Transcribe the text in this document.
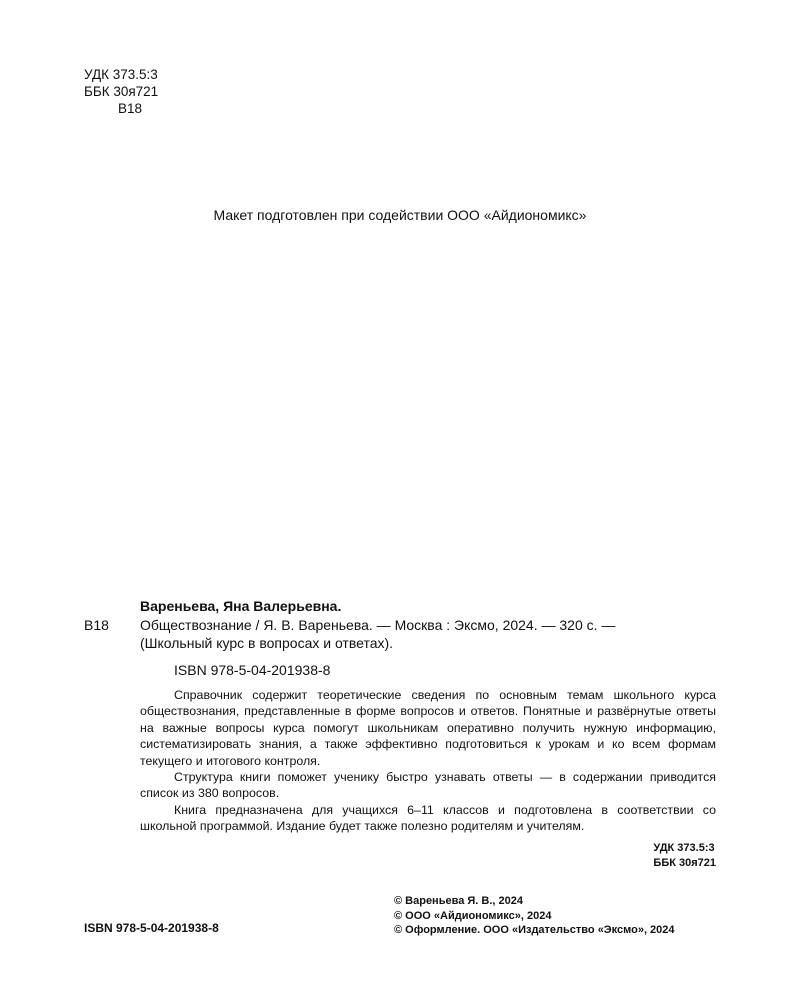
УДК 373.5:3
ББК 30я721
В18
Макет подготовлен при содействии ООО «Айдиономикс»
Вареньева, Яна Валерьевна.
В18 Обществознание / Я. В. Вареньева. — Москва : Эксмо, 2024. — 320 с. —
(Школьный курс в вопросах и ответах).
ISBN 978-5-04-201938-8

Справочник содержит теоретические сведения по основным темам школьного курса обществознания, представленные в форме вопросов и ответов. Понятные и развёрнутые ответы на важные вопросы курса помогут школьникам оперативно получить нужную информацию, систематизировать знания, а также эффективно подготовиться к урокам и ко всем формам текущего и итогового контроля.

Структура книги поможет ученику быстро узнавать ответы — в содержании приводится список из 380 вопросов.

Книга предназначена для учащихся 6–11 классов и подготовлена в соответствии со школьной программой. Издание будет также полезно родителям и учителям.

УДК 373.5:3
ББК 30я721
ISBN 978-5-04-201938-8
© Вареньева Я. В., 2024
© ООО «Айдиономикс», 2024
© Оформление. ООО «Издательство «Эксмо», 2024
